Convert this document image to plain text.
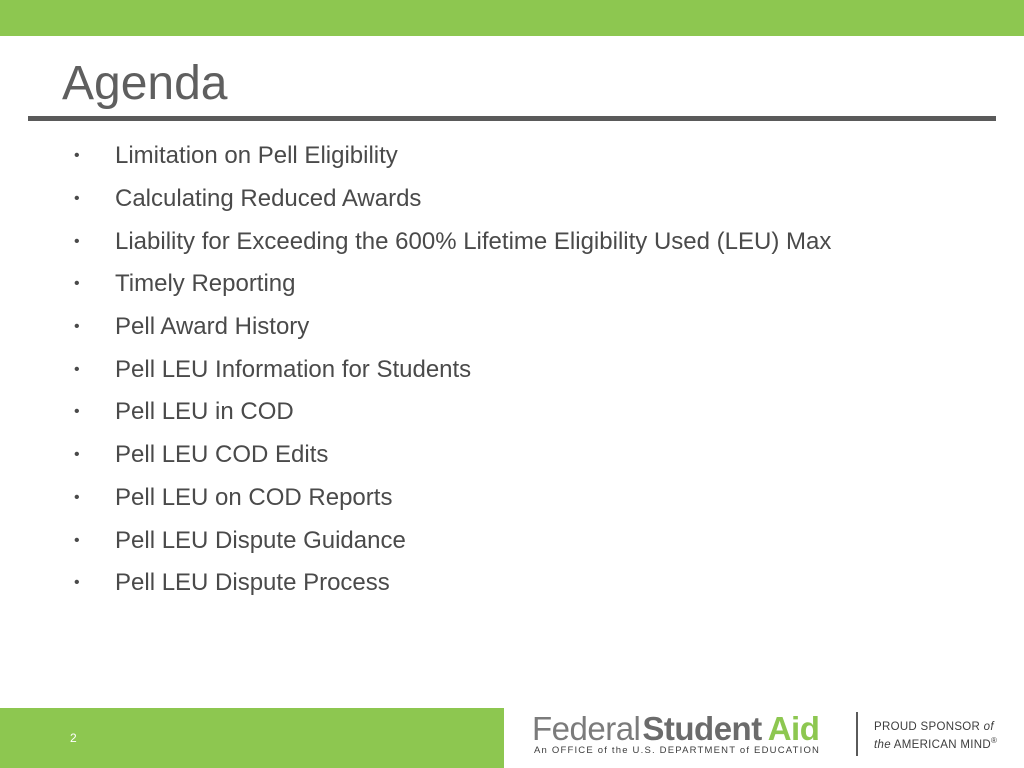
Agenda
• Limitation on Pell Eligibility
• Calculating Reduced Awards
• Liability for Exceeding the 600% Lifetime Eligibility Used (LEU) Max
• Timely Reporting
• Pell Award History
• Pell LEU Information for Students
• Pell LEU in COD
• Pell LEU COD Edits
• Pell LEU on COD Reports
• Pell LEU Dispute Guidance
• Pell LEU Dispute Process
2	FederalStudent Aid
An OFFICE of the U.S. DEPARTMENT of EDUCATION
PROUD SPONSOR of
the AMERICAN MIND®
